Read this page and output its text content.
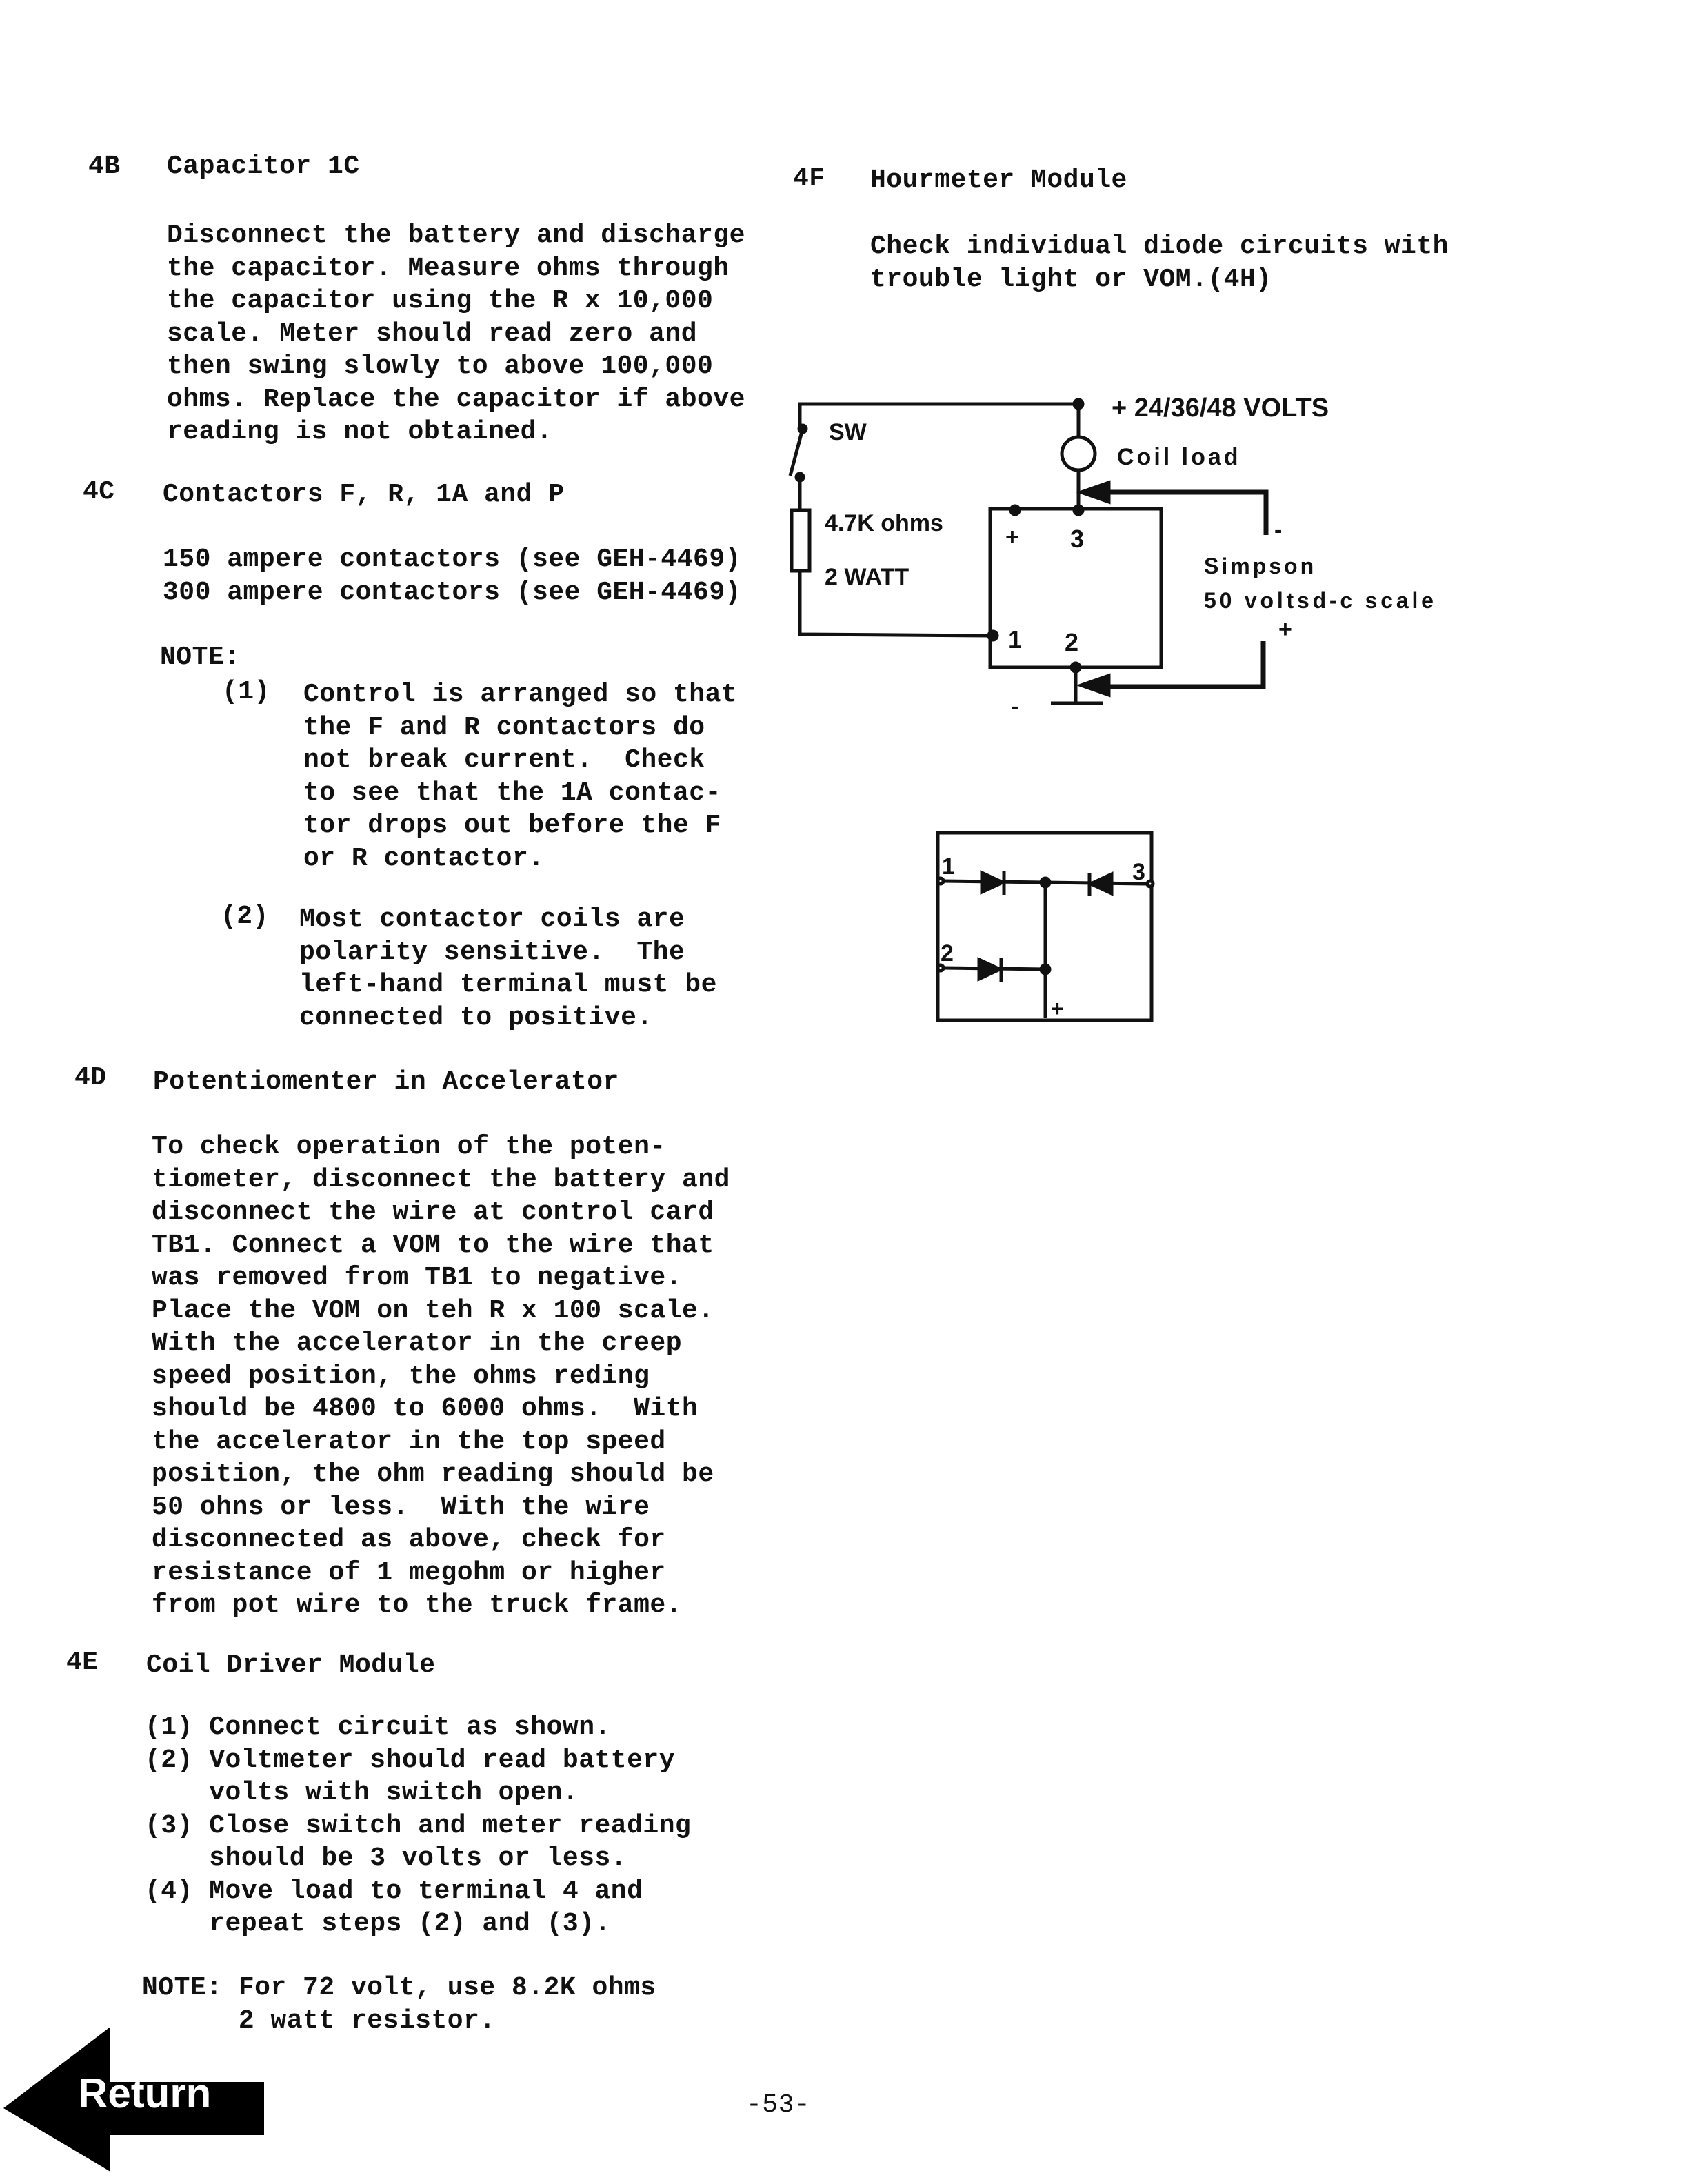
4B Capacitor 1C
Disconnect the battery and discharge
the capacitor. Measure ohms through
the capacitor using the R x 10,000
scale. Meter should read zero and
then swing slowly to above 100,000
ohms. Replace the capacitor if above
reading is not obtained.
4C Contactors F, R, 1A and P
150 ampere contactors (see GEH-4469)
300 ampere contactors (see GEH-4469)
NOTE:
(1) Control is arranged so that
the F and R contactors do
not break current.  Check
to see that the 1A contac-
tor drops out before the F
or R contactor.
(2) Most contactor coils are
polarity sensitive.  The
left-hand terminal must be
connected to positive.
4D Potentiomenter in Accelerator
To check operation of the poten-
tiometer, disconnect the battery and
disconnect the wire at control card
TB1. Connect a VOM to the wire that
was removed from TB1 to negative.
Place the VOM on teh R x 100 scale.
With the accelerator in the creep
speed position, the ohms reding
should be 4800 to 6000 ohms.  With
the accelerator in the top speed
position, the ohm reading should be
50 ohns or less.  With the wire
disconnected as above, check for
resistance of 1 megohm or higher
from pot wire to the truck frame.
4E Coil Driver Module
(1) Connect circuit as shown.
(2) Voltmeter should read battery
volts with switch open.
(3) Close switch and meter reading
should be 3 volts or less.
(4) Move load to terminal 4 and
repeat steps (2) and (3).
NOTE: For 72 volt, use 8.2K ohms
2 watt resistor.
4F Hourmeter Module
Check individual diode circuits with
trouble light or VOM.(4H)
+ 24/36/48 VOLTS
SW
Coil load
4.7K ohms
2 WATT
+	3
1	2
-
+
-
Simpson
50 voltsd-c scale
1
2
3
+
Return	-53-
